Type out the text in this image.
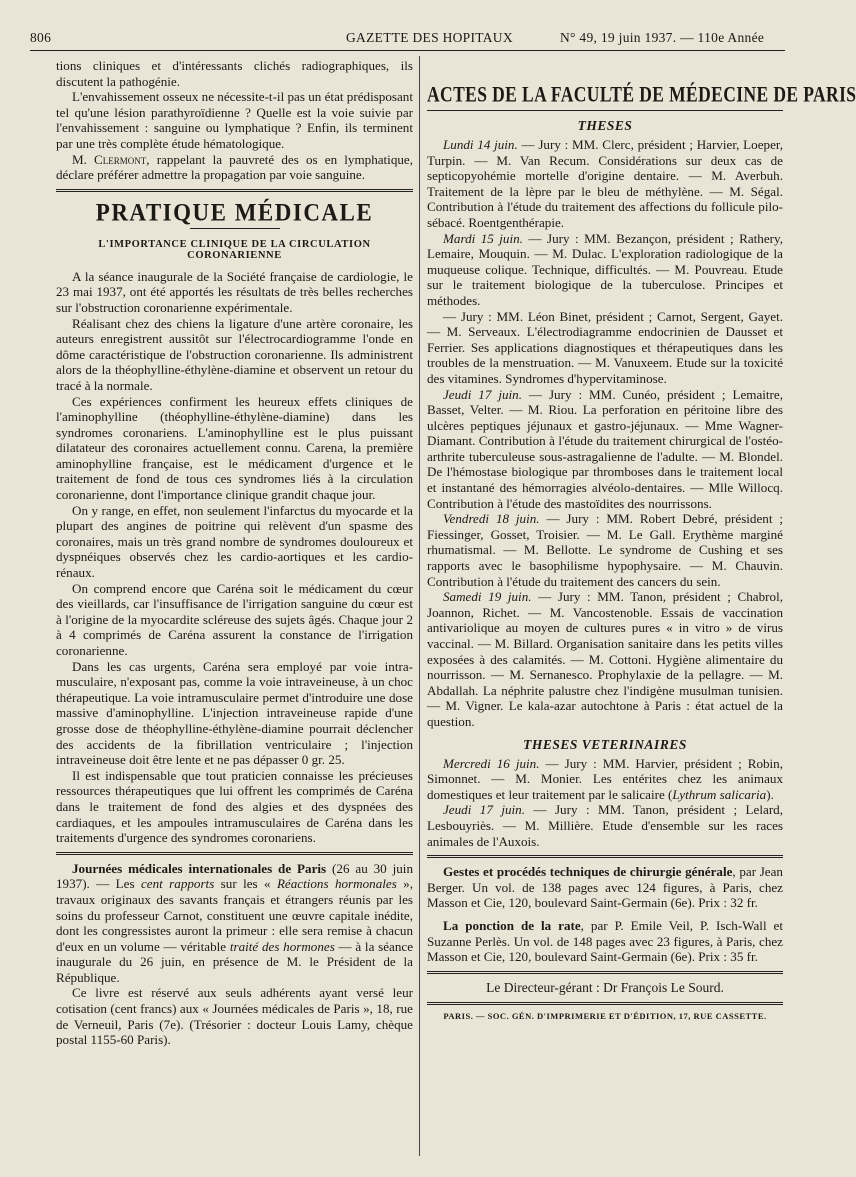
806	GAZETTE DES HOPITAUX	N° 49, 19 juin 1937. — 110e Année

tions cliniques et d'intéressants clichés radiographiques, ils discutent la pathogénie.

L'envahissement osseux ne nécessite-t-il pas un état prédisposant tel qu'une lésion parathyroïdienne ? Quelle est la voie suivie par l'envahissement : sanguine ou lymphatique ? Enfin, ils terminent par une très complète étude hématologique.

M. Clermont, rappelant la pauvreté des os en lymphatique, déclare préférer admettre la propagation par voie sanguine.

PRATIQUE MÉDICALE
L'IMPORTANCE CLINIQUE DE LA CIRCULATION CORONARIENNE

A la séance inaugurale de la Société française de cardiologie, le 23 mai 1937, ont été apportés les résultats de très belles recherches sur l'obstruction coronarienne expérimentale.

Réalisant chez des chiens la ligature d'une artère coronaire, les auteurs enregistrent aussitôt sur l'électrocardiogramme l'onde en dôme caractéristique de l'obstruction coronarienne. Ils administrent alors de la théophylline-éthylène-diamine et observent un retour du tracé à la normale.

Ces expériences confirment les heureux effets cliniques de l'aminophylline (théophylline-éthylène-diamine) dans les syndromes coronariens. L'aminophylline est le plus puissant dilatateur des coronaires actuellement connu. Carena, la première aminophylline française, est le médicament d'urgence et le traitement de fond de tous ces syndromes liés à la circulation coronarienne, dont l'importance clinique grandit chaque jour.

On y range, en effet, non seulement l'infarctus du myocarde et la plupart des angines de poitrine qui relèvent d'un spasme des coronaires, mais un très grand nombre de syndromes douloureux et dyspnéiques observés chez les cardio-aortiques et les cardio-rénaux.

On comprend encore que Caréna soit le médicament du cœur des vieillards, car l'insuffisance de l'irrigation sanguine du cœur est à l'origine de la myocardite scléreuse des sujets âgés. Chaque jour 2 à 4 comprimés de Caréna assurent la constance de l'irrigation coronarienne.

Dans les cas urgents, Caréna sera employé par voie intra-musculaire, n'exposant pas, comme la voie intraveineuse, à un choc thérapeutique. La voie intramusculaire permet d'introduire une dose massive d'aminophylline. L'injection intraveineuse rapide d'une grosse dose de théophylline-éthylène-diamine pourrait déclencher des accidents de la fibrillation ventriculaire ; l'injection intraveineuse doit être lente et ne pas dépasser 0 gr. 25.

Il est indispensable que tout praticien connaisse les précieuses ressources thérapeutiques que lui offrent les comprimés de Caréna dans le traitement de fond des algies et des dyspnées des cardiaques, et les ampoules intramusculaires de Caréna dans les traitements d'urgence des syndromes coronariens.

Journées médicales internationales de Paris (26 au 30 juin 1937). — Les cent rapports sur les « Réactions hormonales », travaux originaux des savants français et étrangers réunis par les soins du professeur Carnot, constituent une œuvre capitale inédite, dont les congressistes auront la primeur : elle sera remise à chacun d'eux en un volume — véritable traité des hormones — à la séance inaugurale du 26 juin, en présence de M. le Président de la République.

Ce livre est réservé aux seuls adhérents ayant versé leur cotisation (cent francs) aux « Journées médicales de Paris », 18, rue de Verneuil, Paris (7e). (Trésorier : docteur Louis Lamy, chèque postal 1155-60 Paris).

ACTES DE LA FACULTÉ DE MÉDECINE DE PARIS
THESES

Lundi 14 juin. — Jury : MM. Clerc, président ; Harvier, Loeper, Turpin. — M. Van Recum. Considérations sur deux cas de septicopyohémie mortelle d'origine dentaire. — M. Averbuh. Traitement de la lèpre par le bleu de méthylène. — M. Ségal. Contribution à l'étude du traitement des affections du follicule pilo-sébacé. Roentgenthérapie.

Mardi 15 juin. — Jury : MM. Bezançon, président ; Rathery, Lemaire, Mouquin. — M. Dulac. L'exploration radiologique de la muqueuse colique. Technique, difficultés. — M. Pouvreau. Etude sur le traitement biologique de la tuberculose. Principes et méthodes.

— Jury : MM. Léon Binet, président ; Carnot, Sergent, Gayet. — M. Serveaux. L'électrodiagramme endocrinien de Dausset et Ferrier. Ses applications diagnostiques et thérapeutiques dans les troubles de la menstruation. — M. Vanuxeem. Etude sur la toxicité des vitamines. Syndromes d'hypervitaminose.

Jeudi 17 juin. — Jury : MM. Cunéo, président ; Lemaitre, Basset, Velter. — M. Riou. La perforation en péritoine libre des ulcères peptiques jéjunaux et gastro-jéjunaux. — Mme Wagner-Diamant. Contribution à l'étude du traitement chirurgical de l'ostéo-arthrite tuberculeuse sous-astragalienne de l'adulte. — M. Blondel. De l'hémostase biologique par thromboses dans le traitement local et instantané des hémorragies alvéolo-dentaires. — Mlle Willocq. Contribution à l'étude des mastoïdites des nourrissons.

Vendredi 18 juin. — Jury : MM. Robert Debré, président ; Fiessinger, Gosset, Troisier. — M. Le Gall. Erythème marginé rhumatismal. — M. Bellotte. Le syndrome de Cushing et ses rapports avec le basophilisme hypophysaire. — M. Chauvin. Contribution à l'étude du traitement des cancers du sein.

Samedi 19 juin. — Jury : MM. Tanon, président ; Chabrol, Joannon, Richet. — M. Vancostenoble. Essais de vaccination antivariolique au moyen de cultures pures « in vitro » de virus vaccinal. — M. Billard. Organisation sanitaire dans les petits villes exposées à des calamités. — M. Cottoni. Hygiène alimentaire du nourrisson. — M. Sernanesco. Prophylaxie de la pellagre. — M. Abdallah. La néphrite palustre chez l'indigène musulman tunisien. — M. Vigner. Le kala-azar autochtone à Paris : état actuel de la question.

THESES VETERINAIRES

Mercredi 16 juin. — Jury : MM. Harvier, président ; Robin, Simonnet. — M. Monier. Les entérites chez les animaux domestiques et leur traitement par le salicaire (Lythrum salicaria).

Jeudi 17 juin. — Jury : MM. Tanon, président ; Lelard, Lesbouyriès. — M. Millière. Etude d'ensemble sur les races animales de l'Auxois.

Gestes et procédés techniques de chirurgie générale, par Jean Berger. Un vol. de 138 pages avec 124 figures, à Paris, chez Masson et Cie, 120, boulevard Saint-Germain (6e). Prix : 32 fr.

La ponction de la rate, par P. Emile Veil, P. Isch-Wall et Suzanne Perlès. Un vol. de 148 pages avec 23 figures, à Paris, chez Masson et Cie, 120, boulevard Saint-Germain (6e). Prix : 35 fr.

Le Directeur-gérant : Dr François Le Sourd.
PARIS. — SOC. GÉN. D'IMPRIMERIE ET D'ÉDITION, 17, RUE CASSETTE.
